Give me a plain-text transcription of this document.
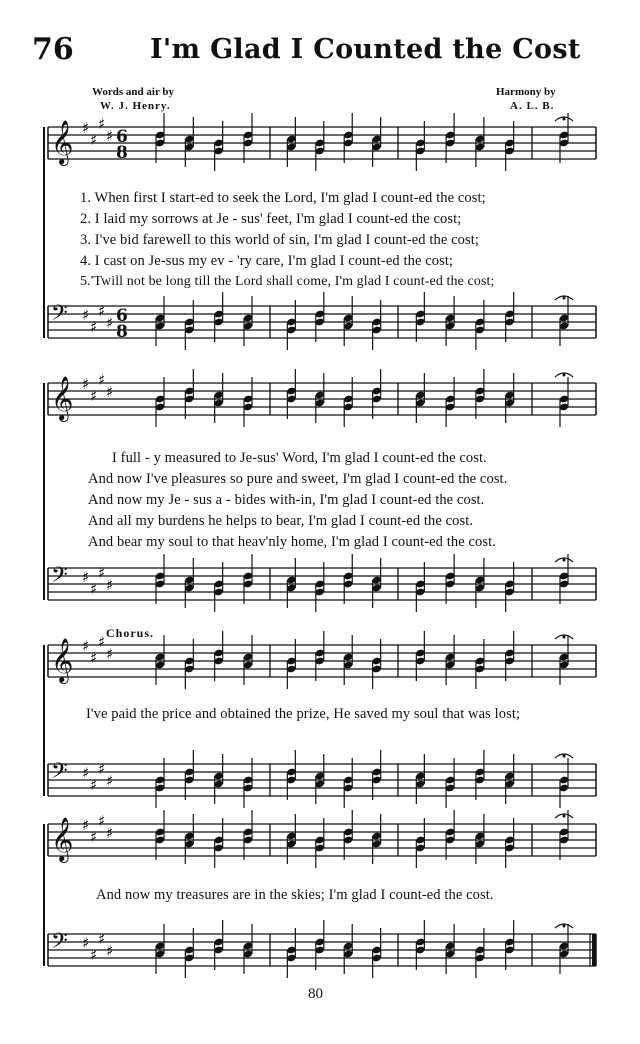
76	I'm Glad I Counted the Cost
Words and air by
W. J. Henry.
Harmony by
A. L. B.
𝄞 ♯
♯
♯
♯ 6
8
𝄢 ♯
♯
♯
♯ 6
8
𝄞 ♯
♯
♯
♯
𝄢 ♯
♯
♯
♯
𝄞 ♯
♯
♯
♯
𝄢 ♯
♯
♯
♯
𝄞 ♯
♯
♯
♯
𝄢 ♯
♯
♯
♯
1. When first I start-ed to seek the Lord, I'm glad I count-ed the cost;
2. I laid my sorrows at Je - sus' feet, I'm glad I count-ed the cost;
3. I've bid farewell to this world of sin, I'm glad I count-ed the cost;
4. I cast on Je-sus my ev - 'ry care, I'm glad I count-ed the cost;
5.'Twill not be long till the Lord shall come, I'm glad I count-ed the cost;
I full - y measured to Je-sus' Word, I'm glad I count-ed the cost.
And now I've pleasures so pure and sweet, I'm glad I count-ed the cost.
And now my Je - sus a - bides with-in, I'm glad I count-ed the cost.
And all my burdens he helps to bear, I'm glad I count-ed the cost.
And bear my soul to that heav'nly home, I'm glad I count-ed the cost.
Chorus.
I've paid the price and obtained the prize, He saved my soul that was lost;
And now my treasures are in the skies; I'm glad I count-ed the cost.
80
